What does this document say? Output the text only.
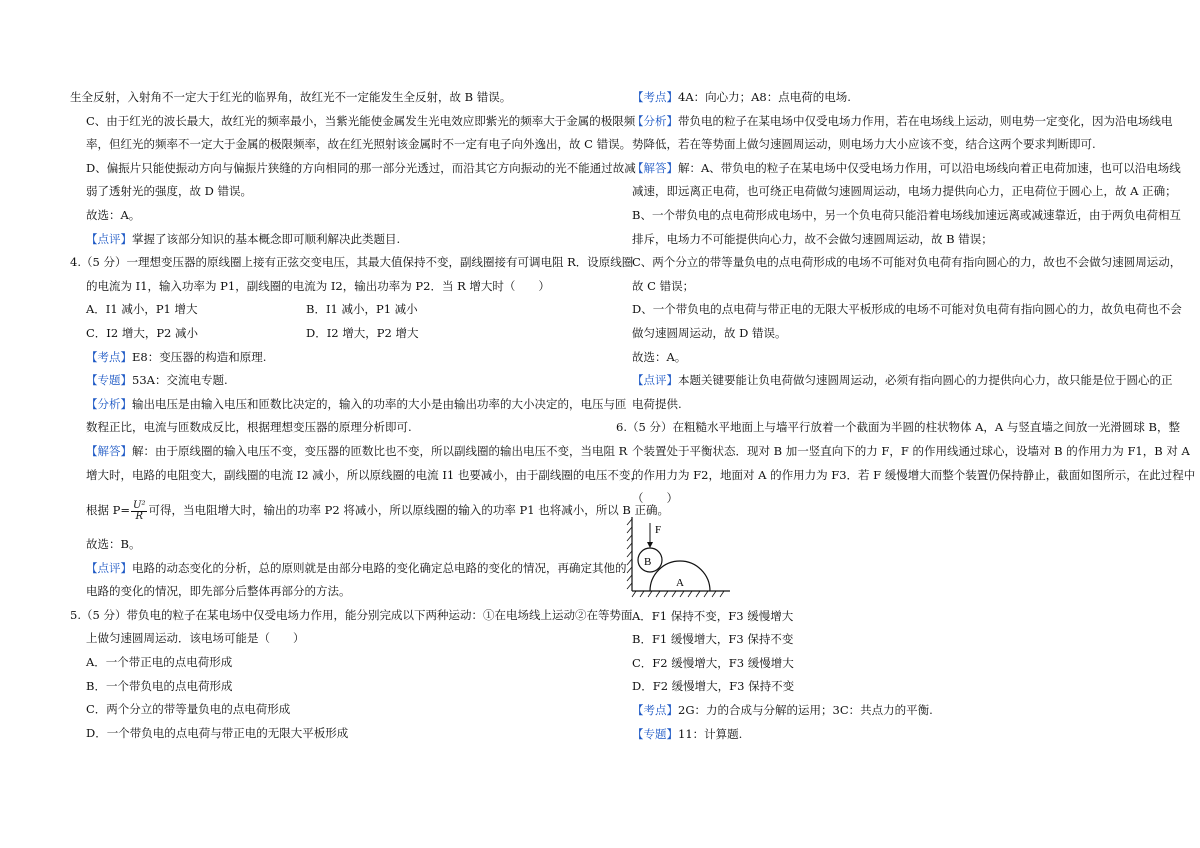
生全反射，入射角不一定大于红光的临界角，故红光不一定能发生全反射，故 B 错误。
C、由于红光的波长最大，故红光的频率最小，当紫光能使金属发生光电效应即紫光的频率大于金属的极限频
率，但红光的频率不一定大于金属的极限频率，故在红光照射该金属时不一定有电子向外逸出，故 C 错误。
D、偏振片只能使振动方向与偏振片狭缝的方向相同的那一部分光透过，而沿其它方向振动的光不能通过故减
弱了透射光的强度，故 D 错误。
故选：A。
【点评】掌握了该部分知识的基本概念即可顺利解决此类题目.
4.（5 分）一理想变压器的原线圈上接有正弦交变电压，其最大值保持不变，副线圈接有可调电阻 R．设原线圈
的电流为 I1，输入功率为 P1，副线圈的电流为 I2，输出功率为 P2．当 R 增大时（　　）
A．I1 减小，P1 增大	B．I1 减小，P1 减小
C．I2 增大，P2 减小	D．I2 增大，P2 增大
【考点】E8：变压器的构造和原理.
【专题】53A：交流电专题.
【分析】输出电压是由输入电压和匝数比决定的，输入的功率的大小是由输出功率的大小决定的，电压与匝
数程正比，电流与匝数成反比，根据理想变压器的原理分析即可.
【解答】解：由于原线圈的输入电压不变，变压器的匝数比也不变，所以副线圈的输出电压不变，当电阻 R
增大时，电路的电阻变大，副线圈的电流 I2 减小，所以原线圈的电流 I1 也要减小，由于副线圈的电压不变，
根据 $P= \frac{\text{U²}}{R}$ 可得，当电阻增大时，输出的功率 P2 将减小，所以原线圈的输入的功率 P1 也将减小，所以 B 正确。
故选：B。
【点评】电路的动态变化的分析，总的原则就是由部分电路的变化确定总电路的变化的情况，再确定其他的
电路的变化的情况，即先部分后整体再部分的方法。
5.（5 分）带负电的粒子在某电场中仅受电场力作用，能分别完成以下两种运动：①在电场线上运动②在等势面
上做匀速圆周运动．该电场可能是（　　）
A．一个带正电的点电荷形成
B．一个带负电的点电荷形成
C．两个分立的带等量负电的点电荷形成
D．一个带负电的点电荷与带正电的无限大平板形成
【考点】4A：向心力；A8：点电荷的电场.
【分析】带负电的粒子在某电场中仅受电场力作用，若在电场线上运动，则电势一定变化，因为沿电场线电
势降低，若在等势面上做匀速圆周运动，则电场力大小应该不变，结合这两个要求判断即可.
【解答】解：A、带负电的粒子在某电场中仅受电场力作用，可以沿电场线向着正电荷加速，也可以沿电场线
减速，即远离正电荷，也可绕正电荷做匀速圆周运动，电场力提供向心力，正电荷位于圆心上，故 A 正确；
B、一个带负电的点电荷形成电场中，另一个负电荷只能沿着电场线加速远离或减速靠近，由于两负电荷相互
排斥，电场力不可能提供向心力，故不会做匀速圆周运动，故 B 错误；
C、两个分立的带等量负电的点电荷形成的电场不可能对负电荷有指向圆心的力，故也不会做匀速圆周运动，
故 C 错误；
D、一个带负电的点电荷与带正电的无限大平板形成的电场不可能对负电荷有指向圆心的力，故负电荷也不会
做匀速圆周运动，故 D 错误。
故选：A。
【点评】本题关键要能让负电荷做匀速圆周运动，必须有指向圆心的力提供向心力，故只能是位于圆心的正
电荷提供.
6.（5 分）在粗糙水平地面上与墙平行放着一个截面为半圆的柱状物体 A，A 与竖直墙之间放一光滑圆球 B，整
个装置处于平衡状态．现对 B 加一竖直向下的力 F，F 的作用线通过球心，设墙对 B 的作用力为 F1，B 对 A
的作用力为 F2，地面对 A 的作用力为 F3．若 F 缓慢增大而整个装置仍保持静止，截面如图所示，在此过程中
（　　）
F
B
A
A．F1 保持不变，F3 缓慢增大
B．F1 缓慢增大，F3 保持不变
C．F2 缓慢增大，F3 缓慢增大
D．F2 缓慢增大，F3 保持不变
【考点】2G：力的合成与分解的运用；3C：共点力的平衡.
【专题】11：计算题.
